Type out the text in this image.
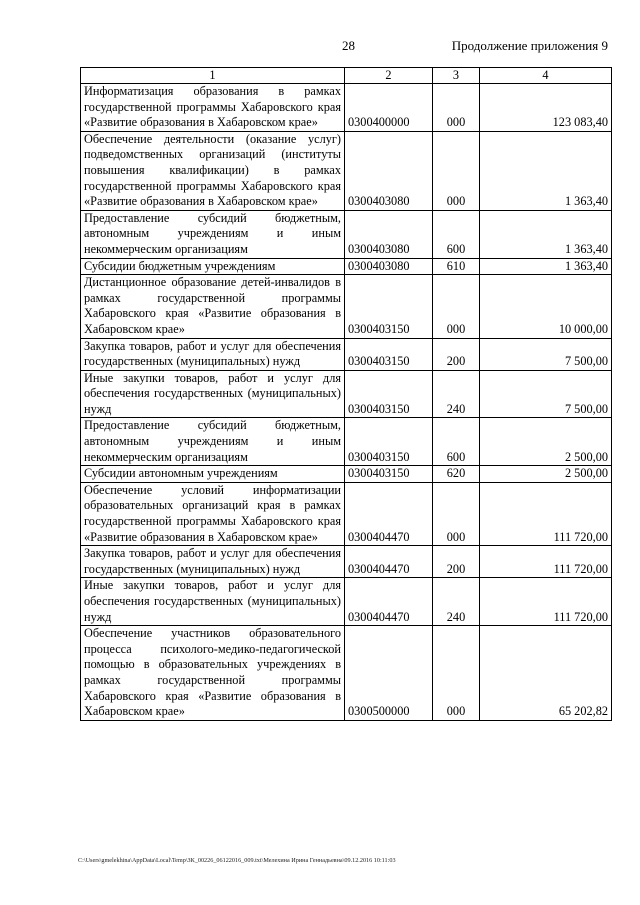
28	Продолжение приложения 9
1	2	3	4
Информатизация образования в рамках государственной программы Хабаровского края «Развитие образования в Хабаровском крае»	0300400000	000	123 083,40
Обеспечение деятельности (оказание услуг) подведомственных организаций (институты повышения квалификации) в рамках государственной программы Хабаровского края «Развитие образования в Хабаровском крае»	0300403080	000	1 363,40
Предоставление субсидий бюджетным, автономным учреждениям и иным некоммерческим организациям	0300403080	600	1 363,40
Субсидии бюджетным учреждениям	0300403080	610	1 363,40
Дистанционное образование детей-инвалидов в рамках государственной программы Хабаровского края «Развитие образования в Хабаровском крае»	0300403150	000	10 000,00
Закупка товаров, работ и услуг для обеспечения государственных (муниципальных) нужд	0300403150	200	7 500,00
Иные закупки товаров, работ и услуг для обеспечения государственных (муниципальных) нужд	0300403150	240	7 500,00
Предоставление субсидий бюджетным, автономным учреждениям и иным некоммерческим организациям	0300403150	600	2 500,00
Субсидии автономным учреждениям	0300403150	620	2 500,00
Обеспечение условий информатизации образовательных организаций края в рамках государственной программы Хабаровского края «Развитие образования в Хабаровском крае»	0300404470	000	111 720,00
Закупка товаров, работ и услуг для обеспечения государственных (муниципальных) нужд	0300404470	200	111 720,00
Иные закупки товаров, работ и услуг для обеспечения государственных (муниципальных) нужд	0300404470	240	111 720,00
Обеспечение участников образовательного процесса психолого-медико-педагогической помощью в образовательных учреждениях в рамках государственной программы Хабаровского края «Развитие образования в Хабаровском крае»	0300500000	000	65 202,82
C:\Users\gmelekhina\AppData\Local\Temp\ЗК_00226_06122016_009.txt\Мелехина Ирина Геннадьевна\09.12.2016 10:11:03
